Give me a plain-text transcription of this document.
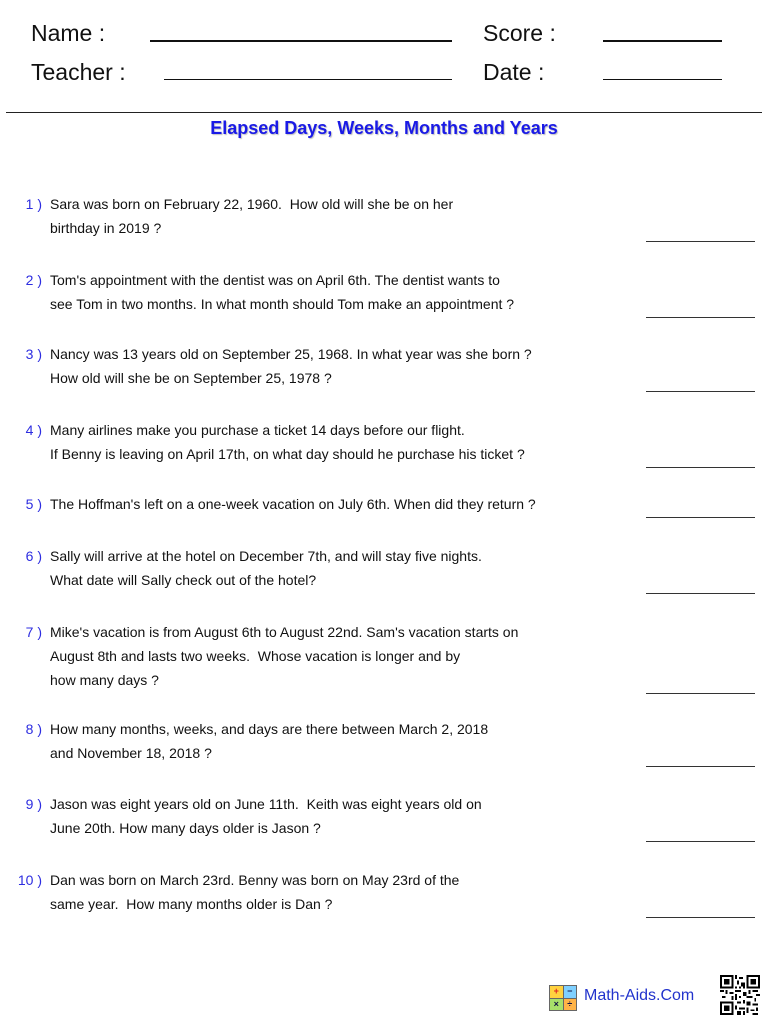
Name :	Score :
Teacher :	Date :
Elapsed Days, Weeks, Months and Years
1 ) Sara was born on February 22, 1960.  How old will she be on her
birthday in 2019 ?
2 ) Tom's appointment with the dentist was on April 6th. The dentist wants to
see Tom in two months. In what month should Tom make an appointment ?
3 ) Nancy was 13 years old on September 25, 1968. In what year was she born ?
How old will she be on September 25, 1978 ?
4 ) Many airlines make you purchase a ticket 14 days before our flight.
If Benny is leaving on April 17th, on what day should he purchase his ticket ?
5 ) The Hoffman's left on a one-week vacation on July 6th. When did they return ?
6 ) Sally will arrive at the hotel on December 7th, and will stay five nights.
What date will Sally check out of the hotel?
7 ) Mike's vacation is from August 6th to August 22nd. Sam's vacation starts on
August 8th and lasts two weeks.  Whose vacation is longer and by
how many days ?
8 ) How many months, weeks, and days are there between March 2, 2018
and November 18, 2018 ?
9 ) Jason was eight years old on June 11th.  Keith was eight years old on
June 20th. How many days older is Jason ?
10 ) Dan was born on March 23rd. Benny was born on May 23rd of the
same year.  How many months older is Dan ?
+ −
× ÷ Math-Aids.Com
